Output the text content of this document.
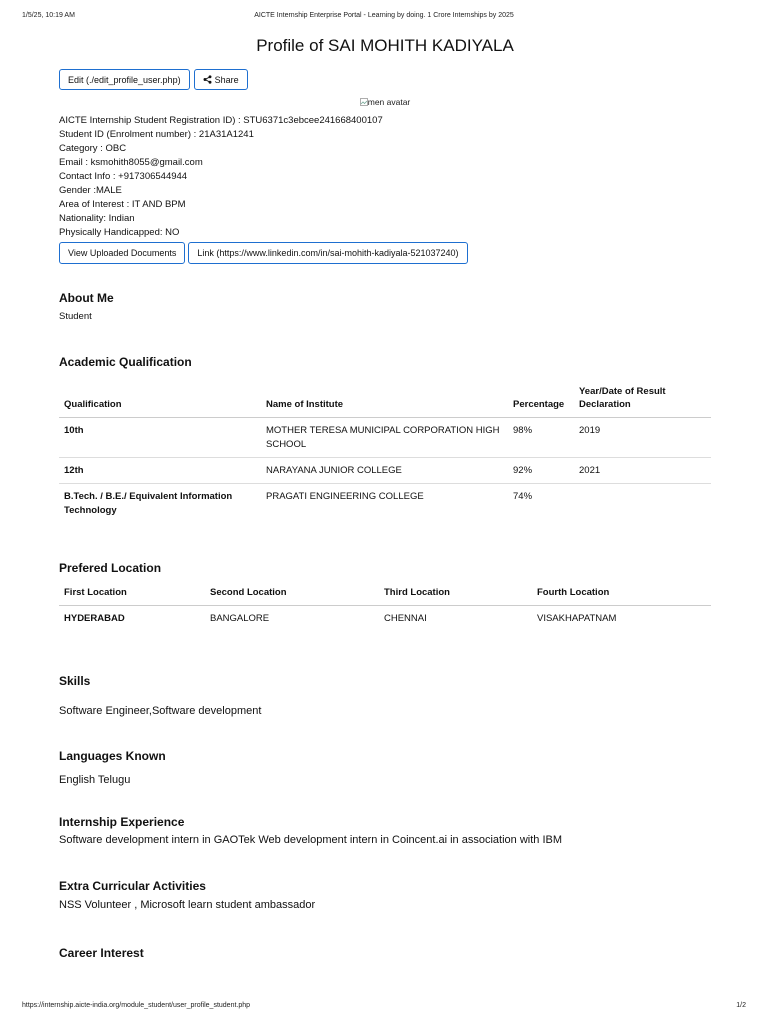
1/5/25, 10:19 AM	AICTE Internship Enterprise Portal - Learning by doing. 1 Crore Internships by 2025
Profile of SAI MOHITH KADIYALA
Edit (./edit_profile_user.php)	Share
men avatar
AICTE Internship Student Registration ID) : STU6371c3ebcee241668400107
Student ID (Enrolment number) : 21A31A1241
Category : OBC
Email : ksmohith8055@gmail.com
Contact Info : +917306544944
Gender :MALE
Area of Interest : IT AND BPM
Nationality: Indian
Physically Handicapped: NO
View Uploaded Documents	Link (https://www.linkedin.com/in/sai-mohith-kadiyala-521037240)
About Me
Student
Academic Qualification
Qualification	Name of Institute	Percentage	Year/Date of Result Declaration
10th	MOTHER TERESA MUNICIPAL CORPORATION HIGH SCHOOL	98%	2019
12th	NARAYANA JUNIOR COLLEGE	92%	2021
B.Tech. / B.E./ Equivalent Information Technology	PRAGATI ENGINEERING COLLEGE	74%	
Prefered Location
First Location	Second Location	Third Location	Fourth Location
HYDERABAD	BANGALORE	CHENNAI	VISAKHAPATNAM
Skills
Software Engineer,Software development
Languages Known
English Telugu
Internship Experience
Software development intern in GAOTek Web development intern in Coincent.ai in association with IBM
Extra Curricular Activities
NSS Volunteer , Microsoft learn student ambassador
Career Interest
https://internship.aicte-india.org/module_student/user_profile_student.php	1/2
